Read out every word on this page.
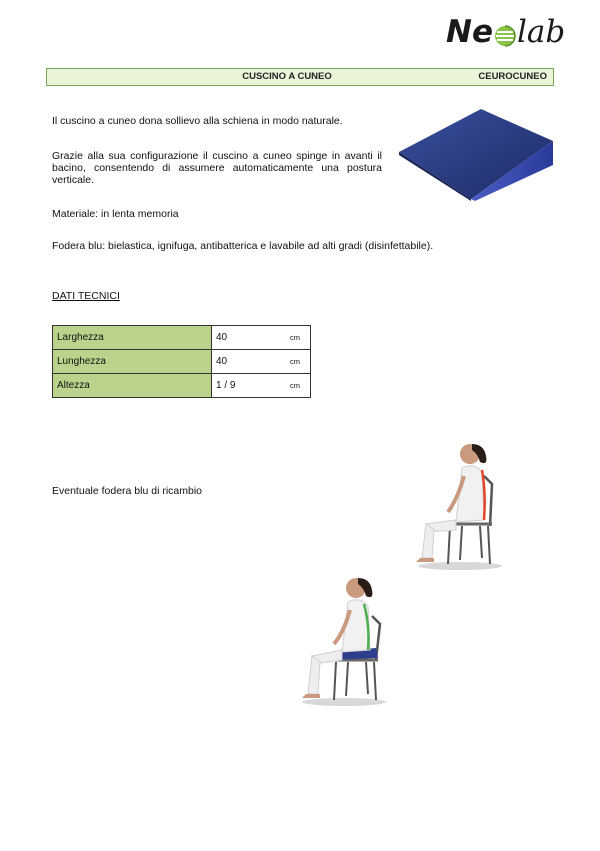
Ne lab
CUSCINO A CUNEO	CEUROCUNEO
Il cuscino a cuneo dona sollievo alla schiena in modo naturale.
Grazie alla sua configurazione il cuscino a cuneo spinge in avanti il bacino, consentendo di assumere automaticamente una postura verticale.
Materiale: in lenta memoria
Fodera blu: bielastica, ignifuga, antibatterica e lavabile ad alti gradi (disinfettabile).
DATI TECNICI
Larghezza	40 cm

Lunghezza	40 cm

Altezza	1 / 9 cm
Eventuale fodera blu di ricambio
